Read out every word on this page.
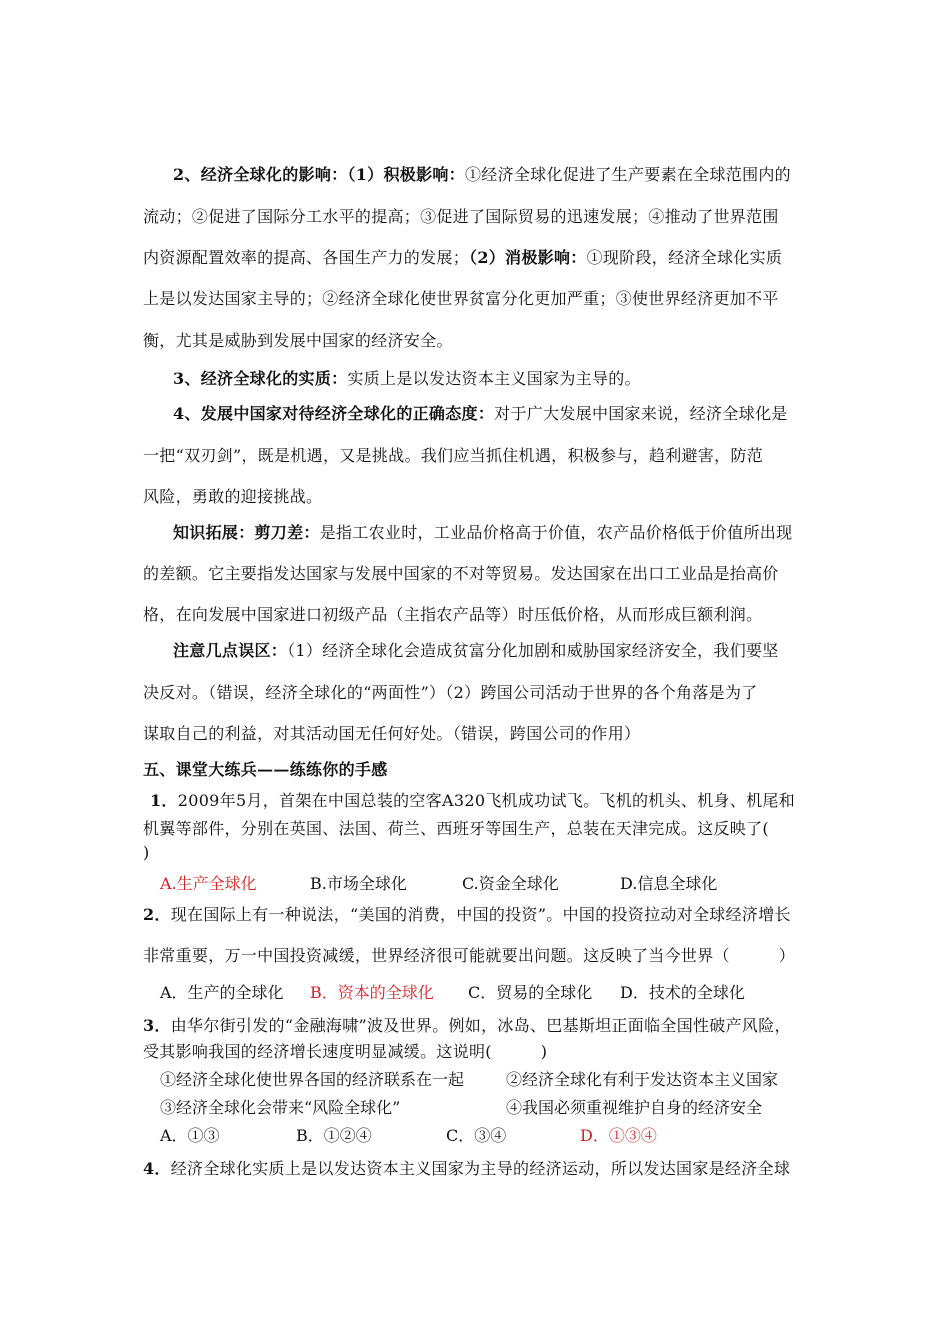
2、经济全球化的影响：（1）积极影响：①经济全球化促进了生产要素在全球范围内的
流动；②促进了国际分工水平的提高；③促进了国际贸易的迅速发展；④推动了世界范围
内资源配置效率的提高、各国生产力的发展；（2）消极影响：①现阶段，经济全球化实质
上是以发达国家主导的；②经济全球化使世界贫富分化更加严重；③使世界经济更加不平
衡，尤其是威胁到发展中国家的经济安全。
3、经济全球化的实质：实质上是以发达资本主义国家为主导的。
4、发展中国家对待经济全球化的正确态度：对于广大发展中国家来说，经济全球化是
一把“双刃剑”，既是机遇，又是挑战。我们应当抓住机遇，积极参与，趋利避害，防范
风险，勇敢的迎接挑战。
知识拓展：剪刀差：是指工农业时，工业品价格高于价值，农产品价格低于价值所出现
的差额。它主要指发达国家与发展中国家的不对等贸易。发达国家在出口工业品是抬高价
格，在向发展中国家进口初级产品（主指农产品等）时压低价格，从而形成巨额利润。
注意几点误区：（1）经济全球化会造成贫富分化加剧和威胁国家经济安全，我们要坚
决反对。（错误，经济全球化的“两面性”）（2）跨国公司活动于世界的各个角落是为了
谋取自己的利益，对其活动国无任何好处。（错误，跨国公司的作用）
五、课堂大练兵——练练你的手感
1．2009年5月，首架在中国总装的空客A320飞机成功试飞。飞机的机头、机身、机尾和
机翼等部件，分别在英国、法国、荷兰、西班牙等国生产，总装在天津完成。这反映了(
)
A.生产全球化	B.市场全球化	C.资金全球化	D.信息全球化
2．现在国际上有一种说法，“美国的消费，中国的投资”。中国的投资拉动对全球经济增长
非常重要，万一中国投资减缓，世界经济很可能就要出问题。这反映了当今世界（　　　）
A．生产的全球化 B．资本的全球化 C．贸易的全球化 D．技术的全球化
3．由华尔街引发的“金融海啸”波及世界。例如，冰岛、巴基斯坦正面临全国性破产风险，
受其影响我国的经济增长速度明显减缓。这说明(　　　)
①经济全球化使世界各国的经济联系在一起	②经济全球化有利于发达资本主义国家
③经济全球化会带来“风险全球化”	④我国必须重视维护自身的经济安全
A．①③	B．①②④	C．③④	D．①③④
4．经济全球化实质上是以发达资本主义国家为主导的经济运动，所以发达国家是经济全球
